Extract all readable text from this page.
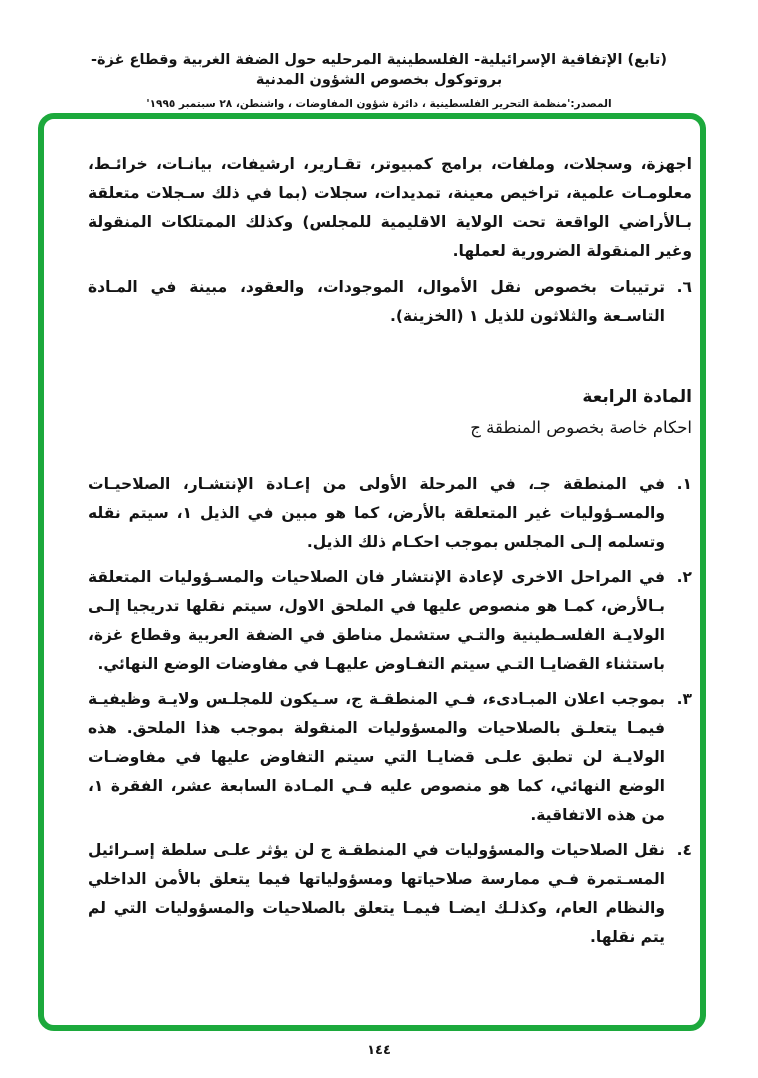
(تابع) الإتفاقية الإسرائيلية- الفلسطينية المرحليه حول الضفة الغربية وقطاع غزة- بروتوكول بخصوص الشؤون المدنية
المصدر:'منظمة التحرير الفلسطينية ، دائرة شؤون المفاوضات ، واشنطن، ٢٨ سبتمبر ١٩٩٥'
اجهزة، وسجلات، وملفات، برامج كمبيوتر، تقـارير، ارشيفات، بيانـات، خرائـط، معلومـات علمية، تراخيص معينة، تمديدات، سجلات (بما في ذلك سـجلات متعلقة بـالأراضي الواقعة تحت الولاية الاقليمية للمجلس) وكذلك الممتلكات المنقولة وغير المنقولة الضرورية لعملها.
٦.
ترتيبات بخصوص نقل الأموال، الموجودات، والعقود، مبينة في المـادة التاسـعة والثلاثون للذيل ١ (الخزينة).
المادة الرابعة
احكام خاصة بخصوص المنطقة ج
١.
في المنطقة جـ، في المرحلة الأولى من إعـادة الإنتشـار، الصلاحيـات والمسـؤوليات غير المتعلقة بالأرض، كما هو مبين في الذيل ١، سيتم نقله وتسلمه إلـى المجلس بموجب احكـام ذلك الذيل.
٢.
في المراحل الاخرى لإعادة الإنتشار فان الصلاحيات والمسـؤوليات المتعلقة بـالأرض، كمـا هو منصوص عليها في الملحق الاول، سيتم نقلها تدريجيا إلـى الولايـة الفلسـطينية والتـي ستشمل مناطق في الضفة العربية وقطاع غزة، باستثناء القضايـا التـي سيتم التفـاوض عليهـا في مفاوضات الوضع النهائي.
٣.
بموجب اعلان المبـادىء، فـي المنطقـة ج، سـيكون للمجلـس ولايـة وظيفيـة فيمـا يتعلـق بالصلاحيات والمسؤوليات المنقولة بموجب هذا الملحق. هذه الولايـة لن تطبق علـى قضايـا التي سيتم التفاوض عليها في مفاوضـات الوضع النهائي، كما هو منصوص عليه فـي المـادة السابعة عشر، الفقرة ١، من هذه الاتفاقية.
٤.
نقل الصلاحيات والمسؤوليات في المنطقـة ج لن يؤثر علـى سلطة إسـرائيل المسـتمرة فـي ممارسة صلاحياتها ومسؤولياتها فيما يتعلق بالأمن الداخلي والنظام العام، وكذلـك ايضـا فيمـا يتعلق بالصلاحيات والمسؤوليات التي لم يتم نقلها.
١٤٤
